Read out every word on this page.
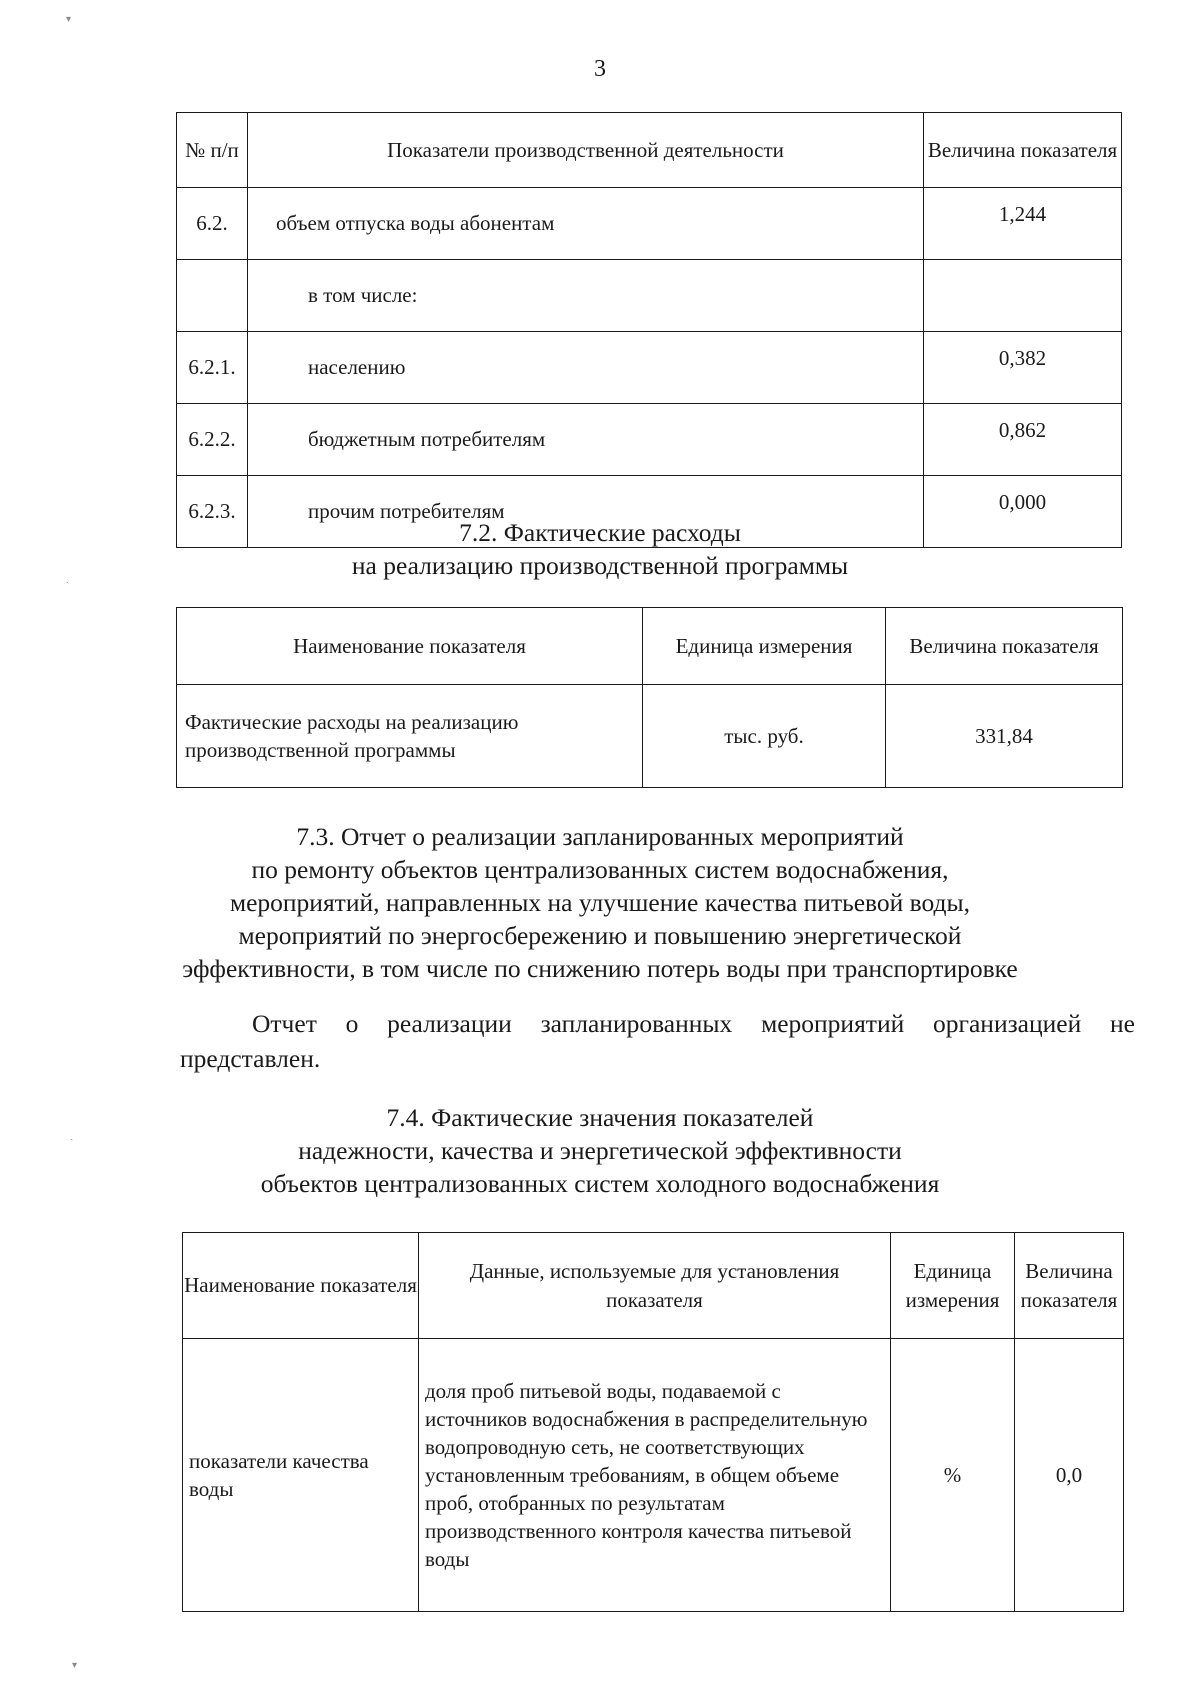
3
№ п/п	Показатели производственной деятельности	Величина показателя
6.2.	объем отпуска воды абонентам	1,244
	в том числе:	
6.2.1.	населению	0,382
6.2.2.	бюджетным потребителям	0,862
6.2.3.	прочим потребителям	0,000
7.2. Фактические расходы
на реализацию производственной программы
Наименование показателя	Единица измерения	Величина показателя
Фактические расходы на реализацию производственной программы	тыс. руб.	331,84
7.3. Отчет о реализации запланированных мероприятий
по ремонту объектов централизованных систем водоснабжения,
мероприятий, направленных на улучшение качества питьевой воды,
мероприятий по энергосбережению и повышению энергетической
эффективности, в том числе по снижению потерь воды при транспортировке
Отчет о реализации запланированных мероприятий организацией не представлен.
7.4. Фактические значения показателей
надежности, качества и энергетической эффективности
объектов централизованных систем холодного водоснабжения
Наименование показателя	Данные, используемые для установления показателя	Единица измерения	Величина показателя
показатели качества воды	доля проб питьевой воды, подаваемой с источников водоснабжения в распределительную водопроводную сеть, не соответствующих установленным требованиям, в общем объеме проб, отобранных по результатам производственного контроля качества питьевой воды	%	0,0
▾
ˏ
ˏ
▾
